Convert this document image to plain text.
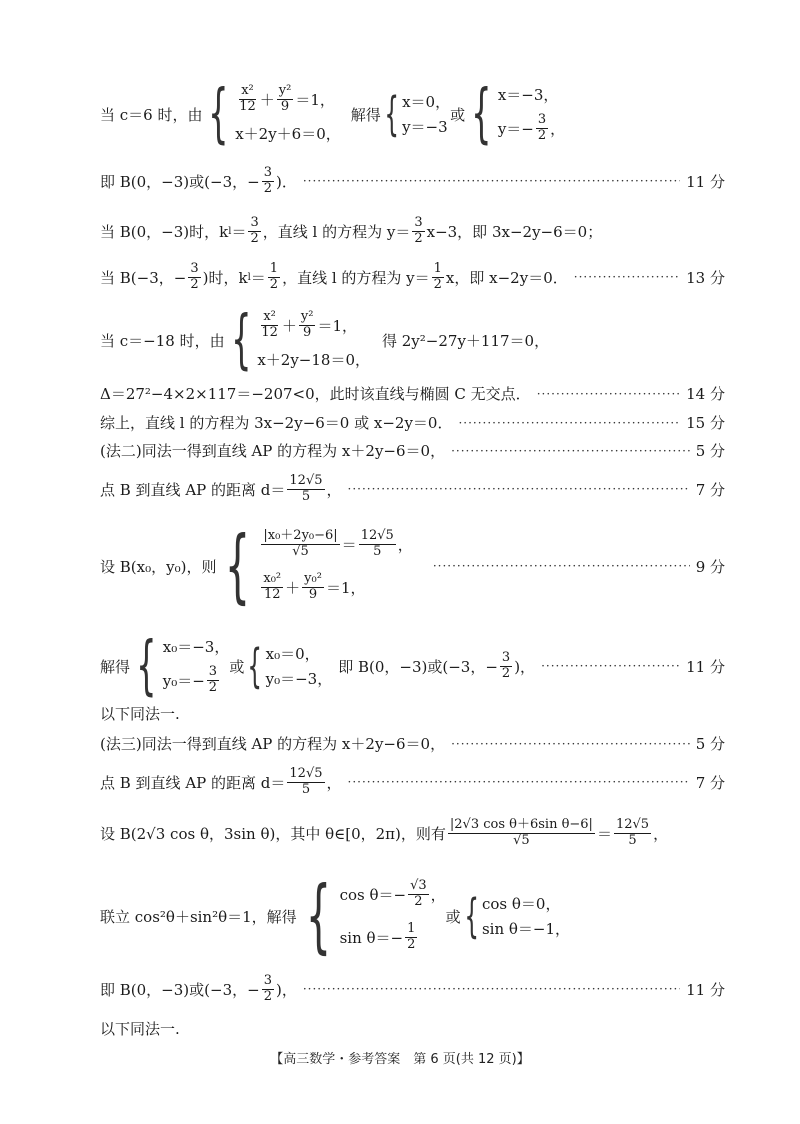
当 c＝6 时，由 { $\frac{\text{x²}}{12} + \frac{\text{y²}}{9} =1$，
x＋2y＋6＝0，
解得 { x＝0，
y＝−3
或 { x＝−3，
$y=- \frac{3}{2}$ ，
即 B(0，−3)或(−3，− $\frac{3}{2}$ )． ·····	11 分
当 B(0，−3)时，k $l = \frac{3}{2}$ ，直线 l 的方程为 $y= \frac{3}{2} x-3$，即 3x−2y−6＝0；
当 B(−3，− $\frac{3}{2}$ )时，k $l = \frac{1}{2}$ ，直线 l 的方程为 $y= \frac{1}{2}$ x，即 x−2y＝0． ·····	13 分
当 c＝−18 时，由 { $\frac{\text{x²}}{12} + \frac{\text{y²}}{9} =1$，
x＋2y−18＝0，
得 2y²−27y＋117＝0，
Δ＝27²−4×2×117＝−207<0，此时该直线与椭圆 C 无交点． ·····	14 分
综上，直线 l 的方程为 3x−2y−6＝0 或 x−2y＝0． ·····	15 分
(法二)同法一得到直线 AP 的方程为 x＋2y−6＝0， ·····	5 分
点 B 到直线 AP 的距离 $d= \frac{12√5}{5}$ ， ·····	7 分
设 B(x₀，y₀)，则 { $\frac{\text{|x₀＋2y₀−6|}}{√5} = \frac{12√5}{5}$ ，
$\frac{\text{x₀²}}{12} + \frac{\text{y₀²}}{9} =1$，
·····
9 分
解得 { x₀＝−3，
$y_0=- \frac{3}{2}$ 或 { x₀＝0，
y₀＝−3，
即 B(0，−3)或(−3，− $\frac{3}{2}$ )， ·····	11 分
以下同法一.
(法三)同法一得到直线 AP 的方程为 x＋2y−6＝0， ·····	5 分
点 B 到直线 AP 的距离 $d= \frac{12√5}{5}$ ， ·····	7 分
设 B(2√3 cos θ，3sin θ)，其中 θ∈[0，2π)，则有 $\frac{\text{|2√3 cos θ＋6sin θ−6|}}{√5} = \frac{12√5}{5}$ ，
联立 cos²θ＋sin²θ＝1，解得 { $\cos \theta=- \frac{√3}{2}$ ，
$\sin \theta=- \frac{1}{2}$
或 { cos θ＝0，
sin θ＝−1，
即 B(0，−3)或(−3，− $\frac{3}{2}$ )， ·····	11 分
以下同法一.
【高三数学・参考答案　第 6 页(共 12 页)】
